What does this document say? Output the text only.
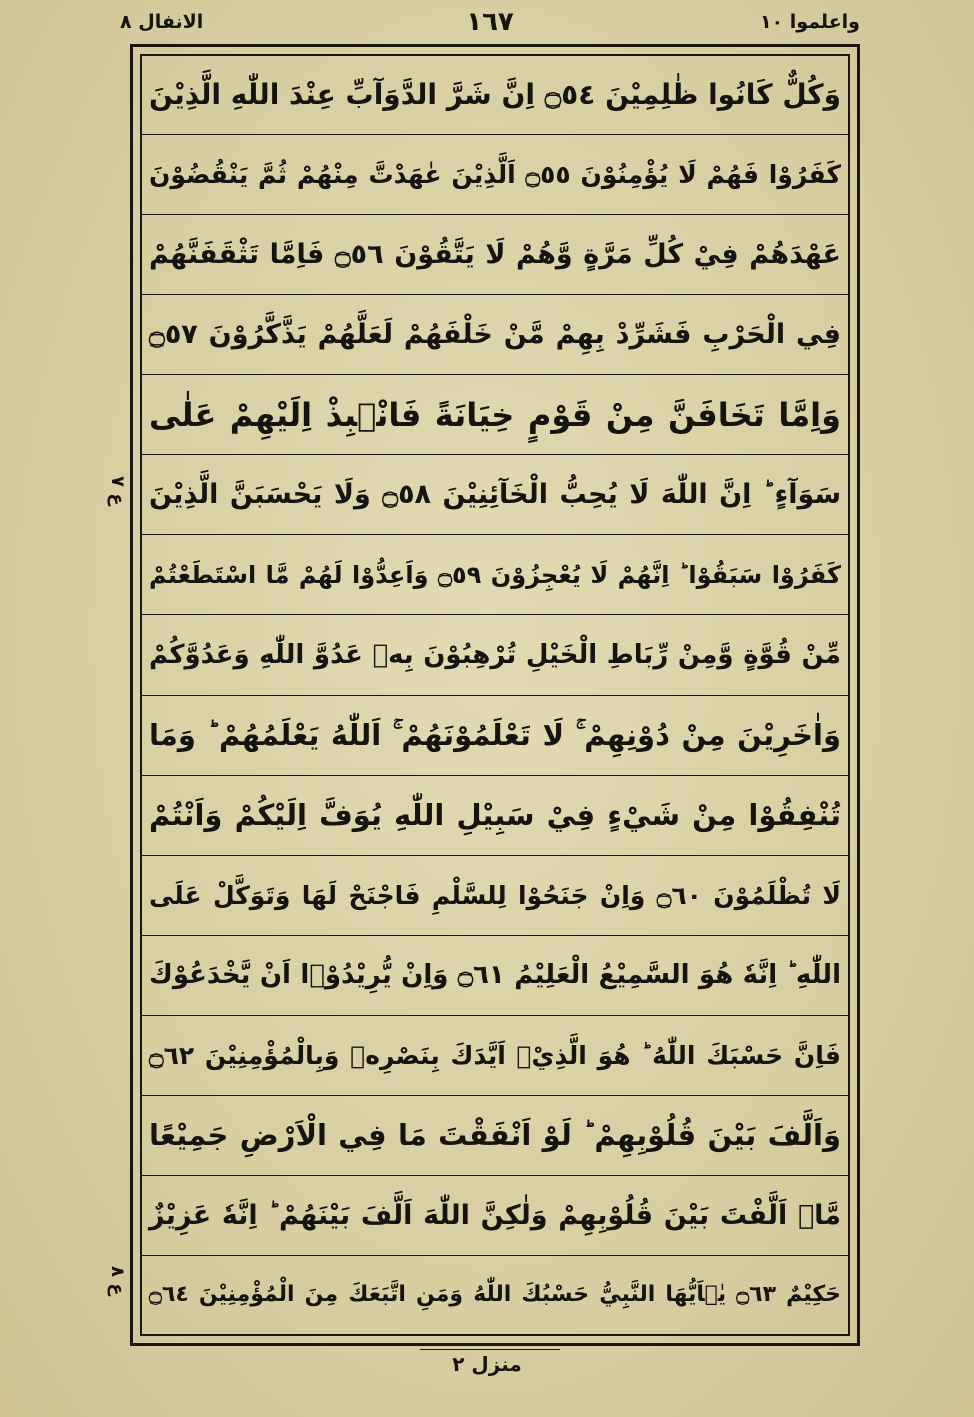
واعلموا ١٠
١٦٧
الانفال ٨
ع ٧
ع ٨
وَكُلٌّ كَانُوا ظٰلِمِيْنَ ۝٥٤ اِنَّ شَرَّ الدَّوَآبِّ عِنْدَ اللّٰهِ الَّذِيْنَ
كَفَرُوْا فَهُمْ لَا يُؤْمِنُوْنَ ۝٥٥ اَلَّذِيْنَ عٰهَدْتَّ مِنْهُمْ ثُمَّ يَنْقُضُوْنَ
عَهْدَهُمْ فِيْ كُلِّ مَرَّةٍ وَّهُمْ لَا يَتَّقُوْنَ ۝٥٦ فَاِمَّا تَثْقَفَنَّهُمْ
فِي الْحَرْبِ فَشَرِّدْ بِهِمْ مَّنْ خَلْفَهُمْ لَعَلَّهُمْ يَذَّكَّرُوْنَ ۝٥٧
وَاِمَّا تَخَافَنَّ مِنْ قَوْمٍ خِيَانَةً فَانْۢبِذْ اِلَيْهِمْ عَلٰى
سَوَآءٍ ؕ اِنَّ اللّٰهَ لَا يُحِبُّ الْخَآئِنِيْنَ ۝٥٨ وَلَا يَحْسَبَنَّ الَّذِيْنَ
كَفَرُوْا سَبَقُوْا ؕ اِنَّهُمْ لَا يُعْجِزُوْنَ ۝٥٩ وَاَعِدُّوْا لَهُمْ مَّا اسْتَطَعْتُمْ
مِّنْ قُوَّةٍ وَّمِنْ رِّبَاطِ الْخَيْلِ تُرْهِبُوْنَ بِهٖ عَدُوَّ اللّٰهِ وَعَدُوَّكُمْ
وَاٰخَرِيْنَ مِنْ دُوْنِهِمْ ۚ لَا تَعْلَمُوْنَهُمْ ۚ اَللّٰهُ يَعْلَمُهُمْ ؕ وَمَا
تُنْفِقُوْا مِنْ شَيْءٍ فِيْ سَبِيْلِ اللّٰهِ يُوَفَّ اِلَيْكُمْ وَاَنْتُمْ
لَا تُظْلَمُوْنَ ۝٦٠ وَاِنْ جَنَحُوْا لِلسَّلْمِ فَاجْنَحْ لَهَا وَتَوَكَّلْ عَلَى
اللّٰهِ ؕ اِنَّهٗ هُوَ السَّمِيْعُ الْعَلِيْمُ ۝٦١ وَاِنْ يُّرِيْدُوْۤا اَنْ يَّخْدَعُوْكَ
فَاِنَّ حَسْبَكَ اللّٰهُ ؕ هُوَ الَّذِيْۤ اَيَّدَكَ بِنَصْرِهٖ وَبِالْمُؤْمِنِيْنَ ۝٦٢
وَاَلَّفَ بَيْنَ قُلُوْبِهِمْ ؕ لَوْ اَنْفَقْتَ مَا فِي الْاَرْضِ جَمِيْعًا
مَّاۤ اَلَّفْتَ بَيْنَ قُلُوْبِهِمْ وَلٰكِنَّ اللّٰهَ اَلَّفَ بَيْنَهُمْ ؕ اِنَّهٗ عَزِيْزٌ
حَكِيْمٌ ۝٦٣ يٰۤاَيُّهَا النَّبِيُّ حَسْبُكَ اللّٰهُ وَمَنِ اتَّبَعَكَ مِنَ الْمُؤْمِنِيْنَ ۝٦٤
منزل ٢
